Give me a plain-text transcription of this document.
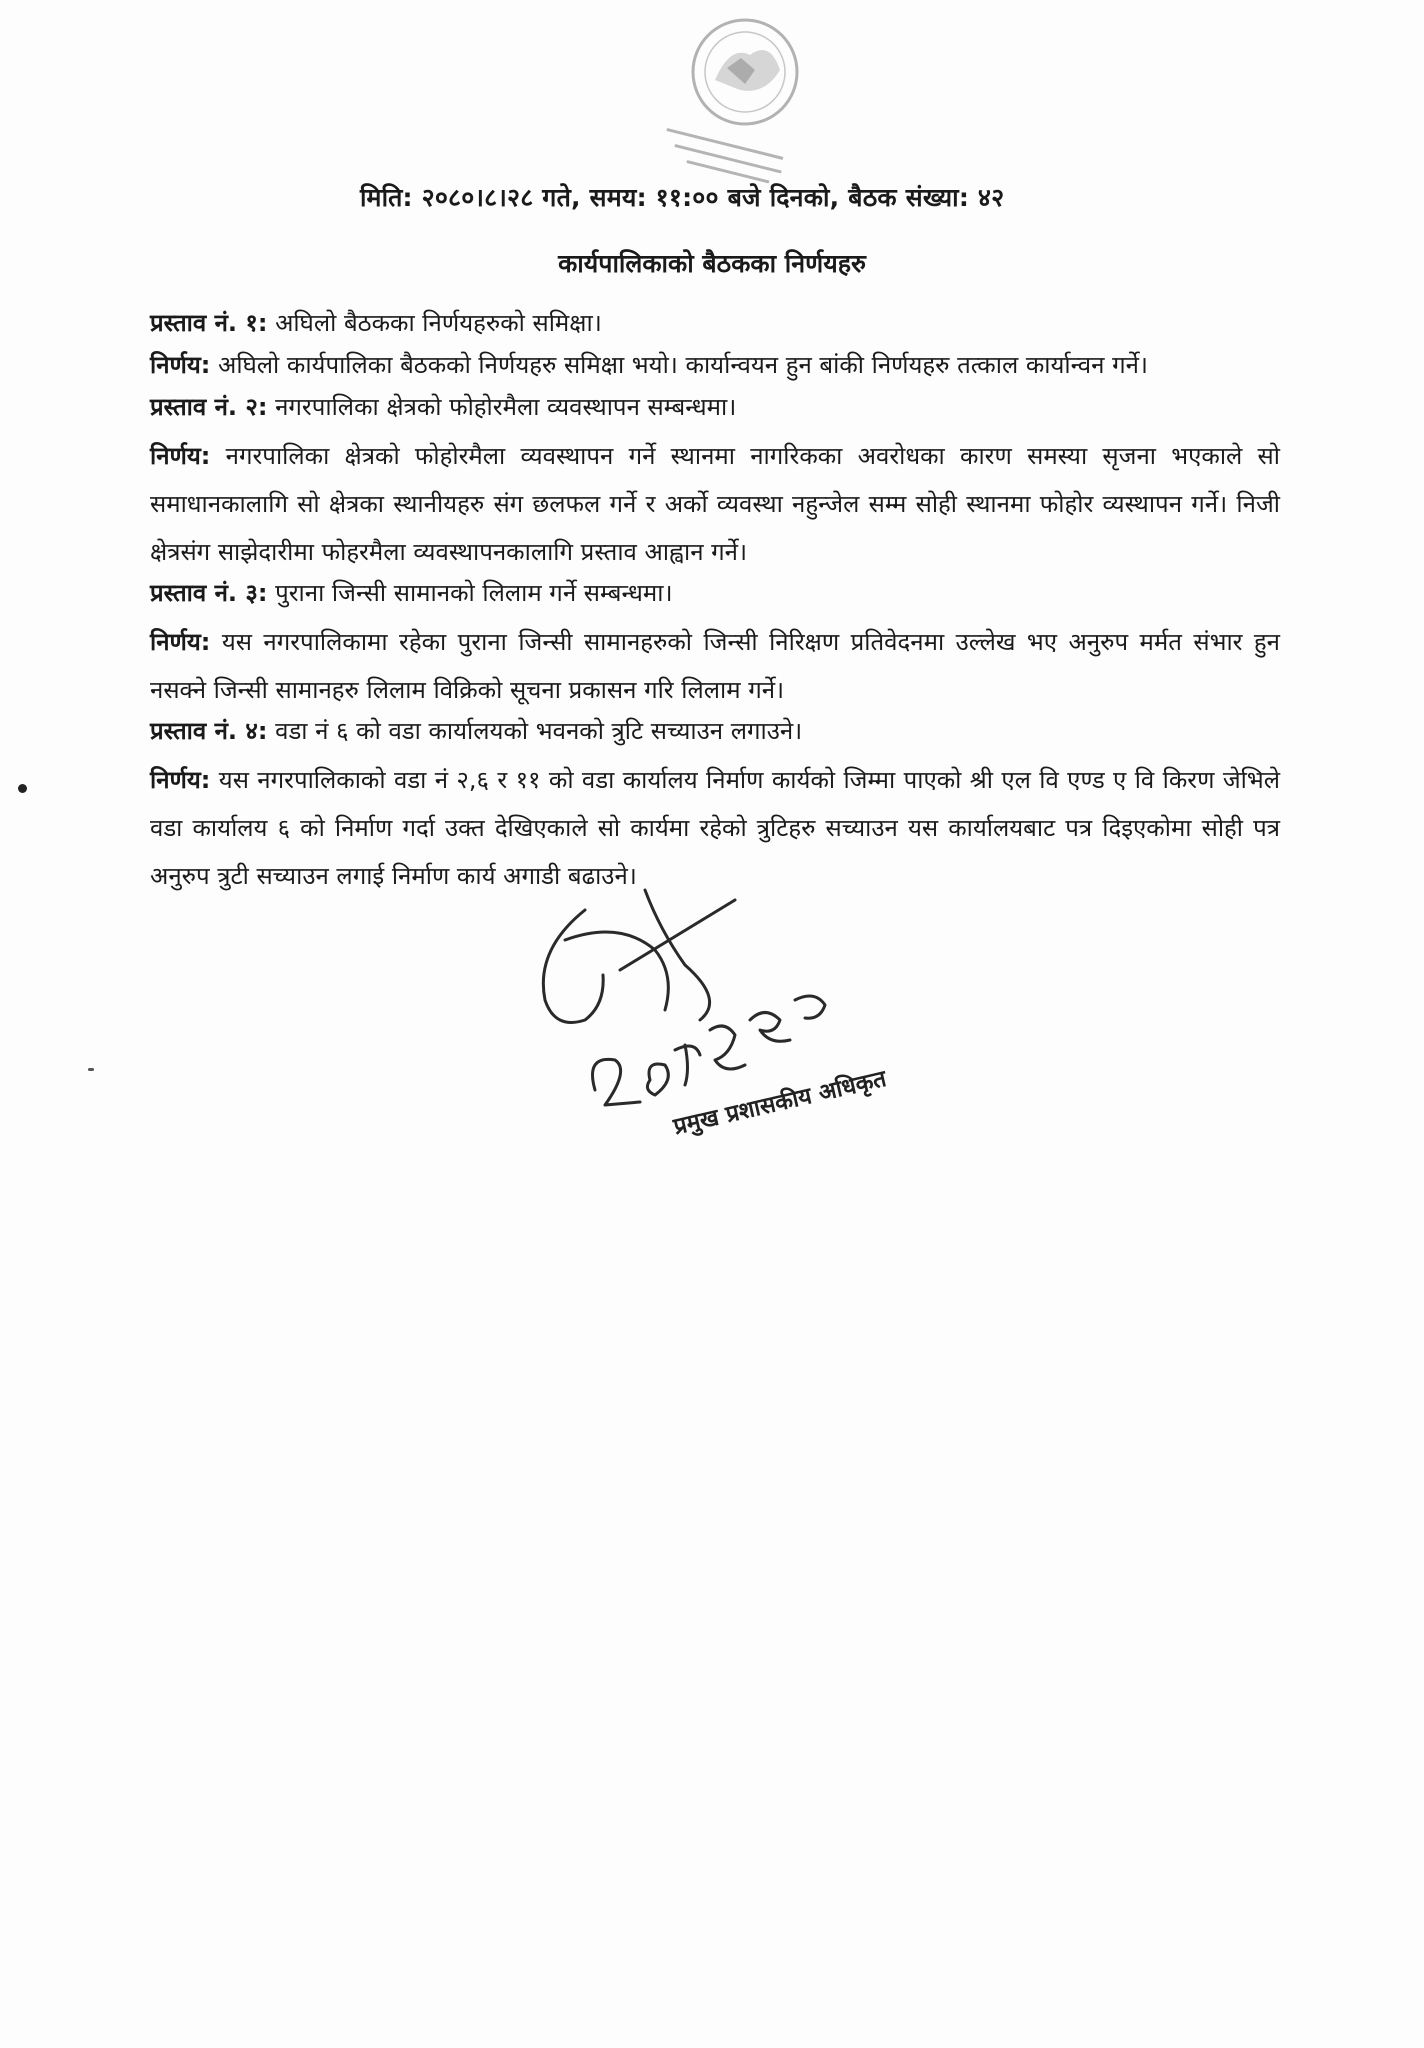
मिति: २०८०।८।२८ गते, समय: ११:०० बजे दिनको, बैठक संख्या: ४२
कार्यपालिकाको बैठकका निर्णयहरु

प्रस्ताव नं. १: अघिलो बैठकका निर्णयहरुको समिक्षा।

निर्णय: अघिलो कार्यपालिका बैठकको निर्णयहरु समिक्षा भयो। कार्यान्वयन हुन बांकी निर्णयहरु तत्काल कार्यान्वन गर्ने।

प्रस्ताव नं. २: नगरपालिका क्षेत्रको फोहोरमैला व्यवस्थापन सम्बन्धमा।

निर्णय: नगरपालिका क्षेत्रको फोहोरमैला व्यवस्थापन गर्ने स्थानमा नागरिकका अवरोधका कारण समस्या सृजना भएकाले सो समाधानकालागि सो क्षेत्रका स्थानीयहरु संग छलफल गर्ने र अर्को व्यवस्था नहुन्जेल सम्म सोही स्थानमा फोहोर व्यस्थापन गर्ने। निजी क्षेत्रसंग साझेदारीमा फोहरमैला व्यवस्थापनकालागि प्रस्ताव आह्वान गर्ने।

प्रस्ताव नं. ३: पुराना जिन्सी सामानको लिलाम गर्ने सम्बन्धमा।

निर्णय: यस नगरपालिकामा रहेका पुराना जिन्सी सामानहरुको जिन्सी निरिक्षण प्रतिवेदनमा उल्लेख भए अनुरुप मर्मत संभार हुन नसक्ने जिन्सी सामानहरु लिलाम विक्रिको सूचना प्रकासन गरि लिलाम गर्ने।

प्रस्ताव नं. ४: वडा नं ६ को वडा कार्यालयको भवनको त्रुटि सच्याउन लगाउने।

निर्णय: यस नगरपालिकाको वडा नं २,६ र ११ को वडा कार्यालय निर्माण कार्यको जिम्मा पाएको श्री एल वि एण्ड ए वि किरण जेभिले वडा कार्यालय ६ को निर्माण गर्दा उक्त देखिएकाले सो कार्यमा रहेको त्रुटिहरु सच्याउन यस कार्यालयबाट पत्र दिइएकोमा सोही पत्र अनुरुप त्रुटी सच्याउन लगाई निर्माण कार्य अगाडी बढाउने।

प्रमुख प्रशासकीय अधिकृत
